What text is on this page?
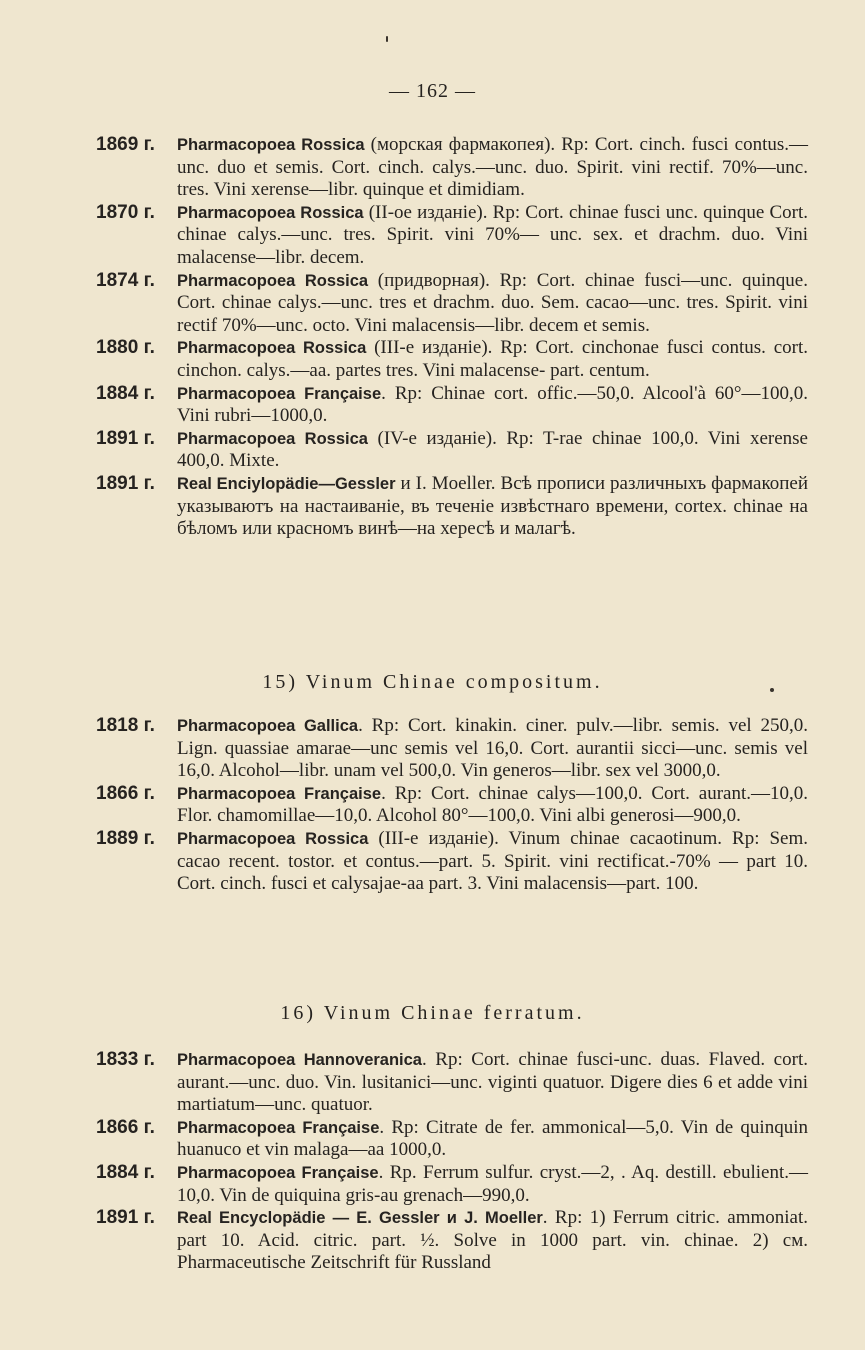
— 162 —
1869 г. Pharmacopoea Rossica (морская фармакопея). Rp: Cort. cinch. fusci contus.—unc. duo et semis. Cort. cinch. calys.—unc. duo. Spirit. vini rectif. 70%—unc. tres. Vini xerense—libr. quinque et dimidiam.
1870 г. Pharmacopoea Rossica (II-oe изданіе). Rp: Cort. chinae fusci unc. quinque Cort. chinae calys.—unc. tres. Spirit. vini 70%— unc. sex. et drachm. duo. Vini malacense—libr. decem.
1874 г. Pharmacopoea Rossica (придворная). Rp: Cort. chinae fusci—unc. quinque. Cort. chinae calys.—unc. tres et drachm. duo. Sem. cacao—unc. tres. Spirit. vini rectif 70%—unc. octo. Vini malacensis—libr. decem et semis.
1880 г. Pharmacopoea Rossica (III-e изданіе). Rp: Cort. cinchonae fusci contus. cort. cinchon. calys.—aa. partes tres. Vini malacense- part. centum.
1884 г. Pharmacopoea Française. Rp: Chinae cort. offic.—50,0. Alcool'à 60°—100,0. Vini rubri—1000,0.
1891 г. Pharmacopoea Rossica (IV-e изданіе). Rp: T-rae chinae 100,0. Vini xerense 400,0. Mixte.
1891 г. Real Enciylopädie—Gessler и I. Moeller. Всѣ прописи различныхъ фармакопей указываютъ на настаиваніе, въ теченіе извѣстнаго времени, cortex. chinae на бѣломъ или красномъ винѣ—на хересѣ и малагѣ.
15) Vinum Chinae compositum.
1818 г. Pharmacopoea Gallica. Rp: Cort. kinakin. ciner. pulv.—libr. semis. vel 250,0. Lign. quassiae amarae—unc semis vel 16,0. Cort. aurantii sicci—unc. semis vel 16,0. Alcohol—libr. unam vel 500,0. Vin generos—libr. sex vel 3000,0.
1866 г. Pharmacopoea Française. Rp: Cort. chinae calys—100,0. Cort. aurant.—10,0. Flor. chamomillae—10,0. Alcohol 80°—100,0. Vini albi generosi—900,0.
1889 г. Pharmacopoea Rossica (III-e изданіе). Vinum chinae cacaotinum. Rp: Sem. cacao recent. tostor. et contus.—part. 5. Spirit. vini rectificat.-70% — part 10. Cort. cinch. fusci et calysajae-aa part. 3. Vini malacensis—part. 100.
16) Vinum Chinae ferratum.
1833 г. Pharmacopoea Hannoveranica. Rp: Cort. chinae fusci-unc. duas. Flaved. cort. aurant.—unc. duo. Vin. lusitanici—unc. viginti quatuor. Digere dies 6 et adde vini martiatum—unc. quatuor.
1866 г. Pharmacopoea Française. Rp: Citrate de fer. ammonical—5,0. Vin de quinquin huanuco et vin malaga—aa 1000,0.
1884 г. Pharmacopoea Française. Rp. Ferrum sulfur. cryst.—2, . Aq. destill. ebulient.—10,0. Vin de quiquina gris-au grenach—990,0.
1891 г. Real Encyclopädie — E. Gessler и J. Moeller. Rp: 1) Ferrum citric. ammoniat. part 10. Acid. citric. part. ½. Solve in 1000 part. vin. chinae. 2) см. Pharmaceutische Zeitschrift für Russland
